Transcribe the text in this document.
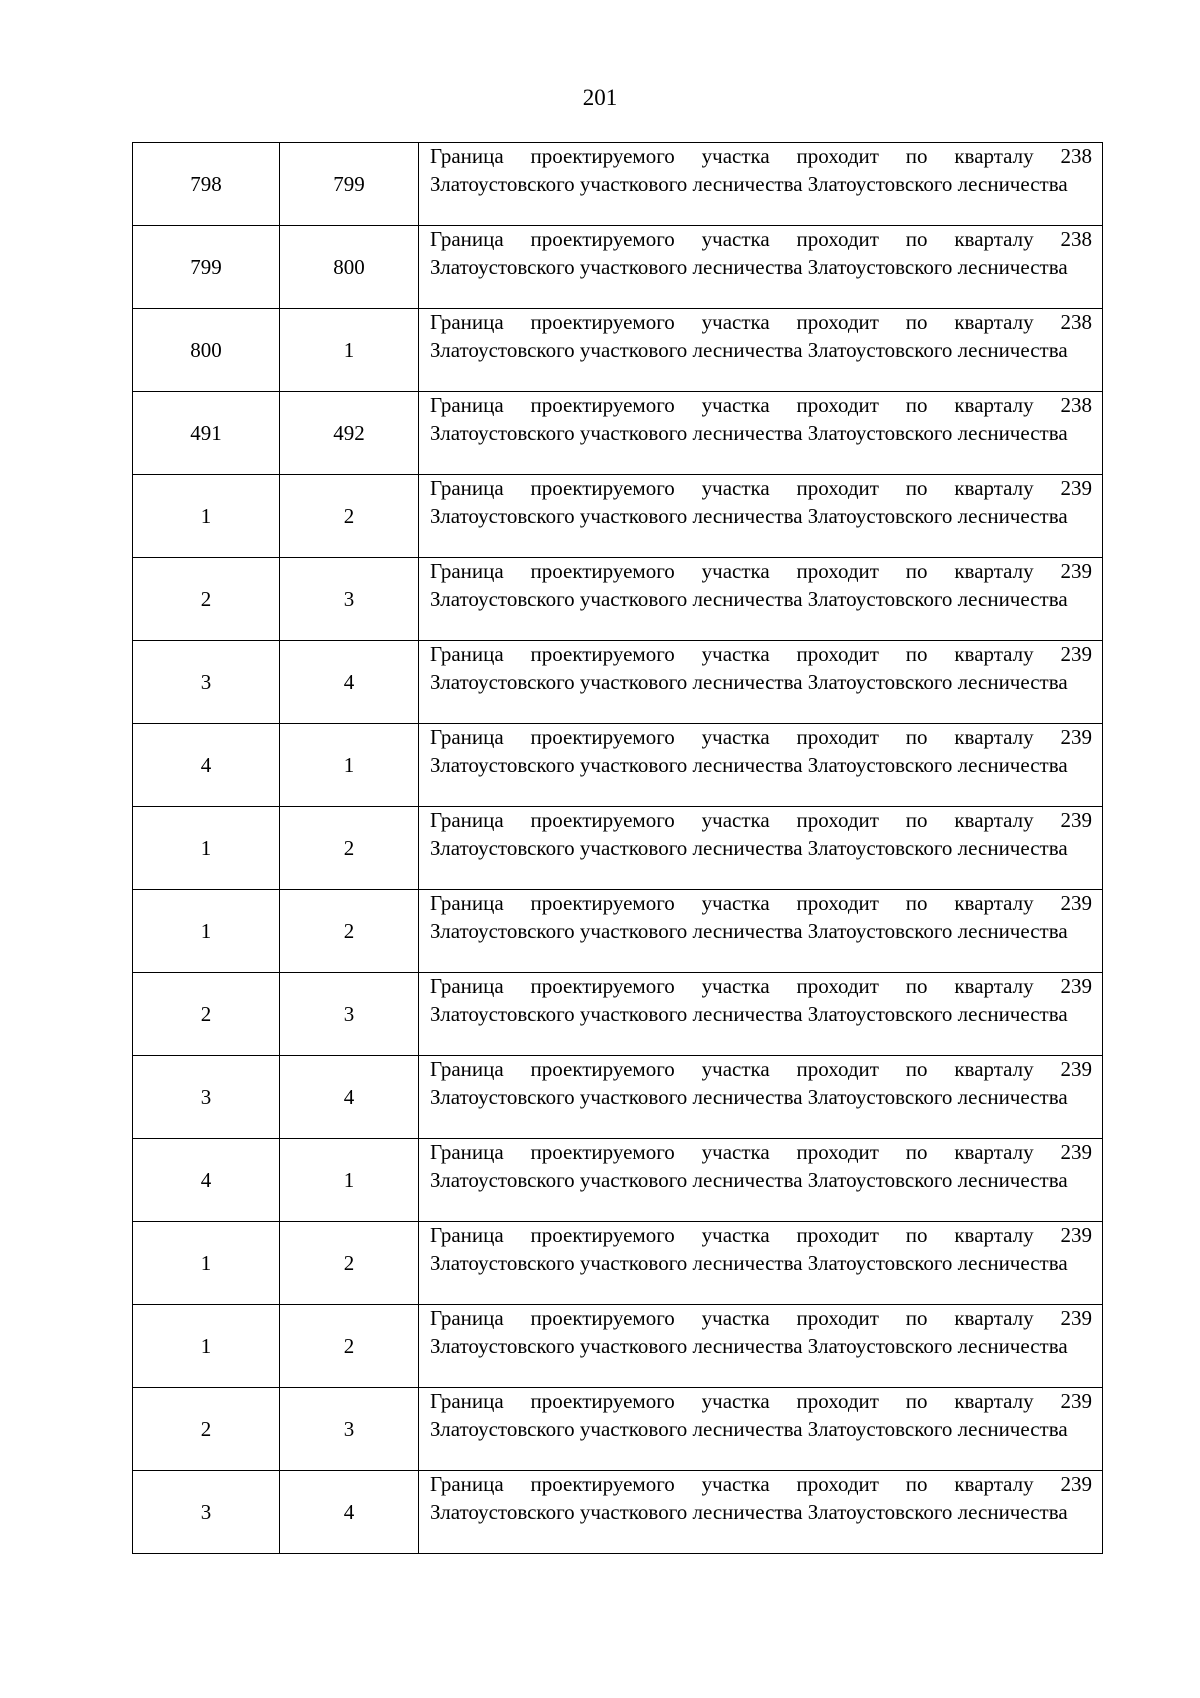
201
798	799	Граница проектируемого участка проходит по кварталу 238 Златоустовского участкового лесничества Златоустовского лесничества

799	800	Граница проектируемого участка проходит по кварталу 238 Златоустовского участкового лесничества Златоустовского лесничества

800	1	Граница проектируемого участка проходит по кварталу 238 Златоустовского участкового лесничества Златоустовского лесничества

491	492	Граница проектируемого участка проходит по кварталу 238 Златоустовского участкового лесничества Златоустовского лесничества

1	2	Граница проектируемого участка проходит по кварталу 239 Златоустовского участкового лесничества Златоустовского лесничества

2	3	Граница проектируемого участка проходит по кварталу 239 Златоустовского участкового лесничества Златоустовского лесничества

3	4	Граница проектируемого участка проходит по кварталу 239 Златоустовского участкового лесничества Златоустовского лесничества

4	1	Граница проектируемого участка проходит по кварталу 239 Златоустовского участкового лесничества Златоустовского лесничества

1	2	Граница проектируемого участка проходит по кварталу 239 Златоустовского участкового лесничества Златоустовского лесничества

1	2	Граница проектируемого участка проходит по кварталу 239 Златоустовского участкового лесничества Златоустовского лесничества

2	3	Граница проектируемого участка проходит по кварталу 239 Златоустовского участкового лесничества Златоустовского лесничества

3	4	Граница проектируемого участка проходит по кварталу 239 Златоустовского участкового лесничества Златоустовского лесничества

4	1	Граница проектируемого участка проходит по кварталу 239 Златоустовского участкового лесничества Златоустовского лесничества

1	2	Граница проектируемого участка проходит по кварталу 239 Златоустовского участкового лесничества Златоустовского лесничества

1	2	Граница проектируемого участка проходит по кварталу 239 Златоустовского участкового лесничества Златоустовского лесничества

2	3	Граница проектируемого участка проходит по кварталу 239 Златоустовского участкового лесничества Златоустовского лесничества

3	4	Граница проектируемого участка проходит по кварталу 239 Златоустовского участкового лесничества Златоустовского лесничества
